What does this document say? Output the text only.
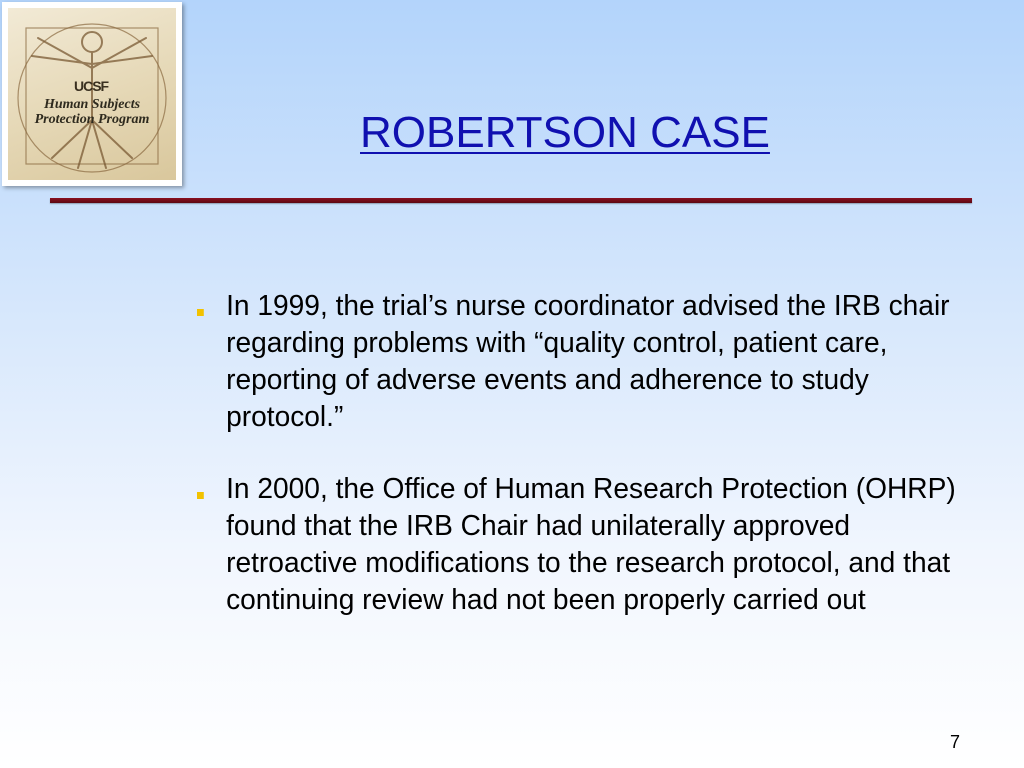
UCSF
Human Subjects
Protection Program	ROBERTSON CASE
In 1999, the trial’s nurse coordinator advised the IRB chair regarding problems with “quality control, patient care, reporting of adverse events and adherence to study protocol.”
In 2000, the Office of Human Research Protection (OHRP) found that the IRB Chair had unilaterally approved retroactive modifications to the research protocol, and that continuing review had not been properly carried out
7
